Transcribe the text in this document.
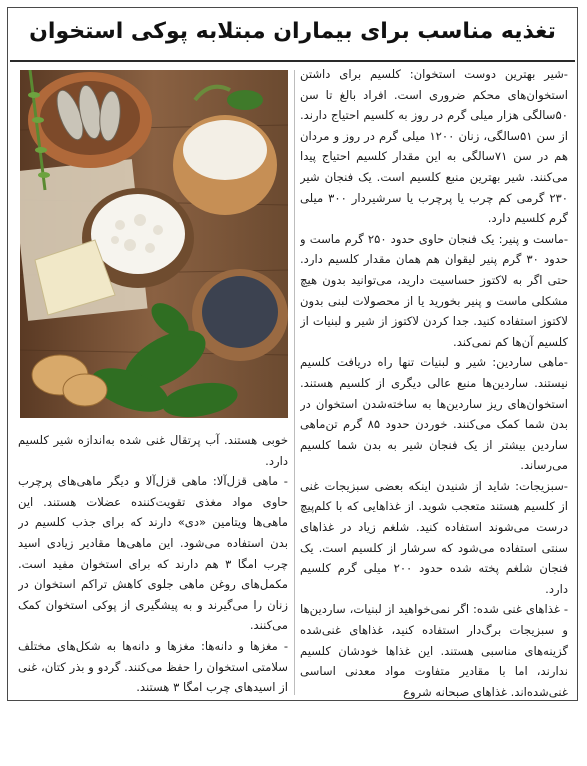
تغذیه مناسب برای بیماران مبتلابه پوکی استخوان

-شیر بهترین دوست استخوان: کلسیم برای داشتن استخوان‌های محکم ضروری است. افراد بالغ تا سن ۵۰سالگی هزار میلی گرم در روز به کلسیم احتیاج دارند. از سن ۵۱سالگی، زنان ۱۲۰۰ میلی گرم در روز و مردان هم در سن ۷۱سالگی به این مقدار کلسیم احتیاج پیدا می‌کنند. شیر بهترین منبع کلسیم است. یک فنجان شیر ۲۳۰ گرمی کم چرب یا پرچرب یا سرشیردار ۳۰۰ میلی گرم کلسیم دارد.

-ماست و پنیر: یک فنجان حاوی حدود ۲۵۰ گرم ماست و حدود ۳۰ گرم پنیر لیقوان هم همان مقدار کلسیم دارد. حتی اگر به لاکتوز حساسیت دارید، می‌توانید بدون هیچ مشکلی ماست و پنیر بخورید یا از محصولات لبنی بدون لاکتوز استفاده کنید. جدا کردن لاکتوز از شیر و لبنیات از کلسیم آن‌ها کم نمی‌کند.

-ماهی ساردین: شیر و لبنیات تنها راه دریافت کلسیم نیستند. ساردین‌ها منبع عالی دیگری از کلسیم هستند. استخوان‌های ریز ساردین‌ها به ساخته‌شدن استخوان در بدن شما کمک می‌کنند. خوردن حدود ۸۵ گرم تن‌ماهی ساردین بیشتر از یک فنجان شیر به بدن شما کلسیم می‌رساند.

-سبزیجات: شاید از شنیدن اینکه بعضی سبزیجات غنی از کلسیم هستند متعجب شوید. از غذاهایی که با کلم‌پیچ درست می‌شوند استفاده کنید. شلغم زیاد در غذاهای سنتی استفاده می‌شود که سرشار از کلسیم است. یک فنجان شلغم پخته شده حدود ۲۰۰ میلی گرم کلسیم دارد.

- غذاهای غنی شده: اگر نمی‌خواهید از لبنیات، ساردین‌ها و سبزیجات برگ‌دار استفاده کنید، غذاهای غنی‌شده گزینه‌های مناسبی هستند. این غذاها خودشان کلسیم ندارند، اما با مقادیر متفاوت مواد معدنی اساسی غنی‌شده‌اند. غذاهای صبحانه شروع

خوبی هستند. آب پرتقال غنی شده به‌اندازه شیر کلسیم دارد.

- ماهی قزل‌آلا: ماهی قزل‌آلا و دیگر ماهی‌های پرچرب حاوی مواد مغذی تقویت‌کننده عضلات هستند. این ماهی‌ها ویتامین «دی» دارند که برای جذب کلسیم در بدن استفاده می‌شود. این ماهی‌ها مقادیر زیادی اسید چرب امگا ۳ هم دارند که برای استخوان مفید است. مکمل‌های روغن ماهی جلوی کاهش تراکم استخوان در زنان را می‌گیرند و به پیشگیری از پوکی استخوان کمک می‌کنند.

- مغزها و دانه‌ها: مغزها و دانه‌ها به شکل‌های مختلف سلامتی استخوان را حفظ می‌کنند. گردو و بذر کتان، غنی از اسیدهای چرب امگا ۳ هستند.
